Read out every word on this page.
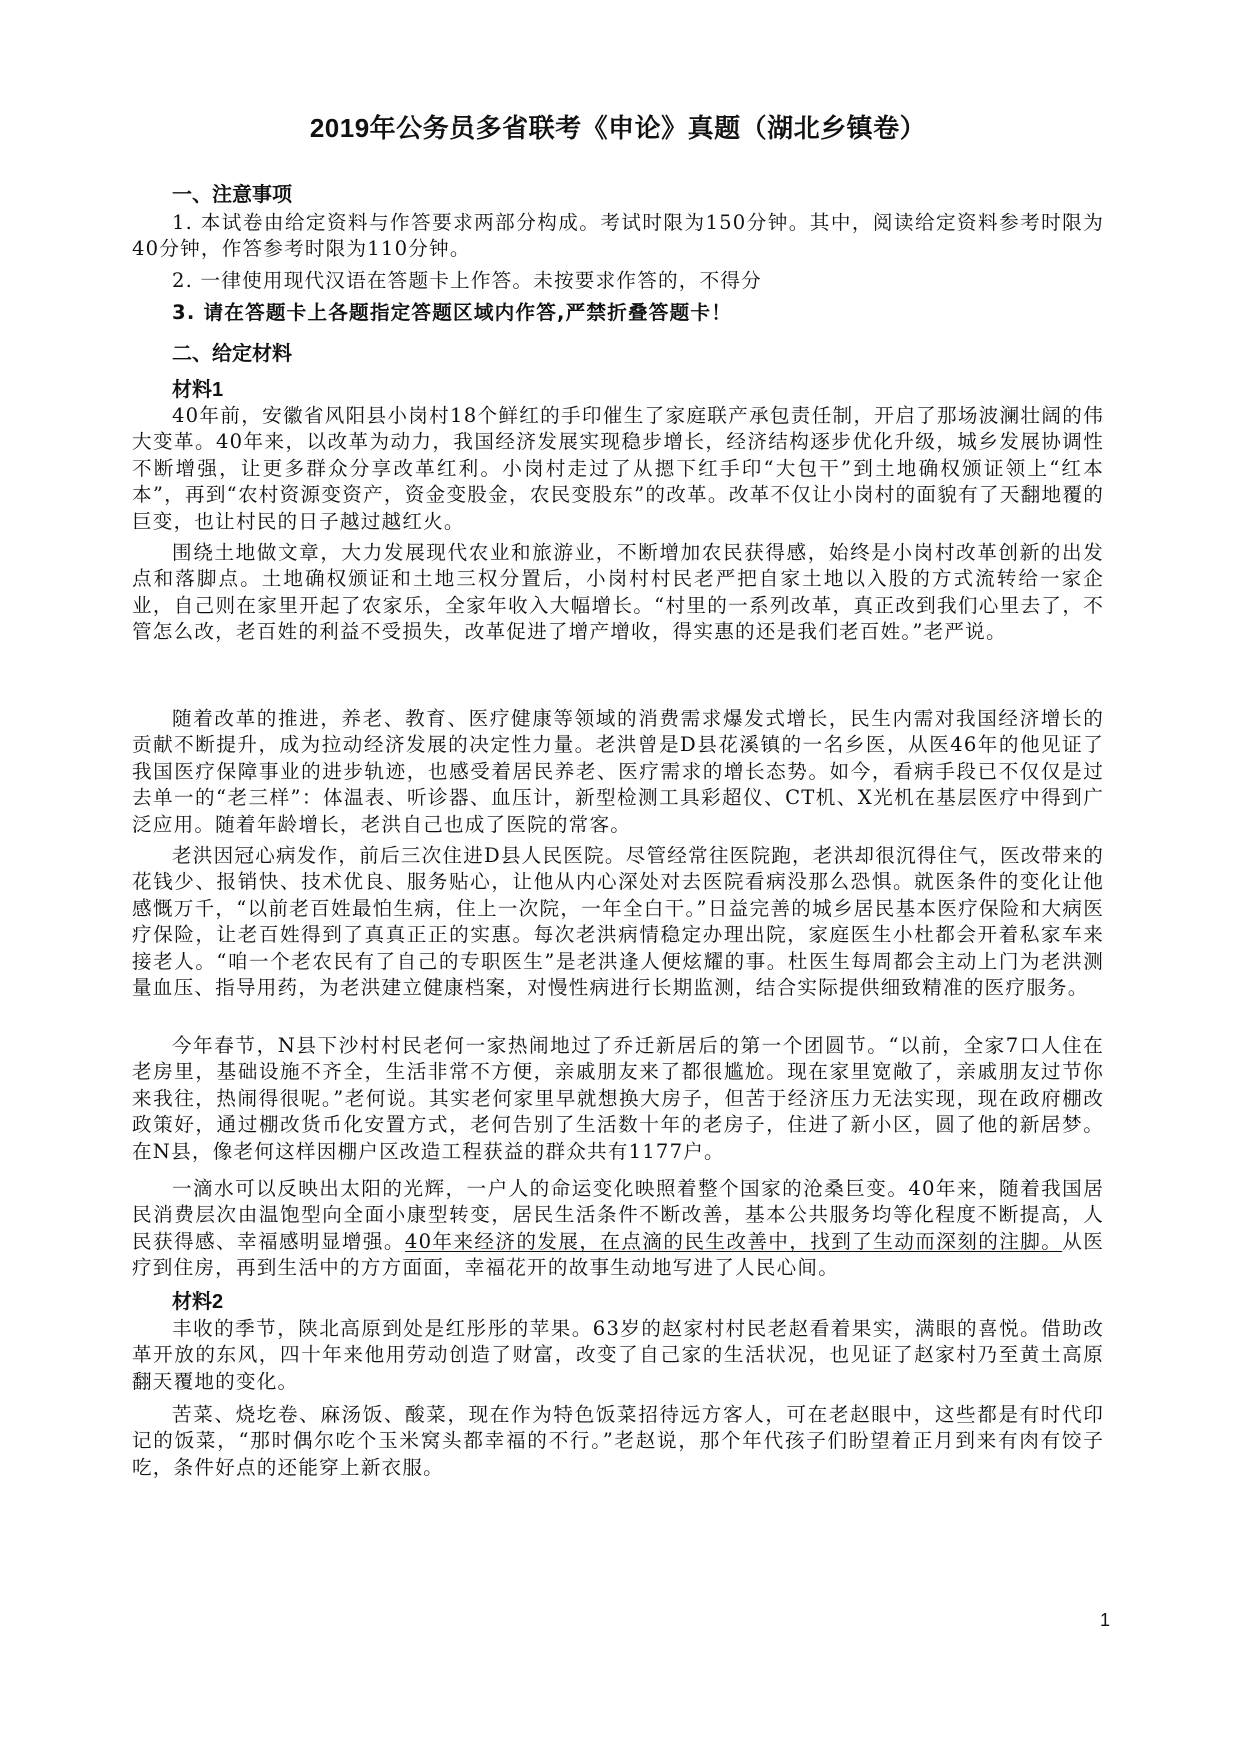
2019年公务员多省联考《申论》真题（湖北乡镇卷）
一、注意事项

1. 本试卷由给定资料与作答要求两部分构成。考试时限为150分钟。其中，阅读给定资料参考时限为40分钟，作答参考时限为110分钟。

2. 一律使用现代汉语在答题卡上作答。未按要求作答的，不得分

3. 请在答题卡上各题指定答题区域内作答,严禁折叠答题卡！

二、给定材料
材料1

40年前，安徽省风阳县小岗村18个鲜红的手印催生了家庭联产承包责任制，开启了那场波澜壮阔的伟大变革。40年来，以改革为动力，我国经济发展实现稳步增长，经济结构逐步优化升级，城乡发展协调性不断增强，让更多群众分享改革红利。小岗村走过了从摁下红手印“大包干”到土地确权颁证领上“红本本”，再到“农村资源变资产，资金变股金，农民变股东”的改革。改革不仅让小岗村的面貌有了天翻地覆的巨变，也让村民的日子越过越红火。

围绕土地做文章，大力发展现代农业和旅游业，不断增加农民获得感，始终是小岗村改革创新的出发点和落脚点。土地确权颁证和土地三权分置后，小岗村村民老严把自家土地以入股的方式流转给一家企业，自己则在家里开起了农家乐，全家年收入大幅增长。“村里的一系列改革，真正改到我们心里去了，不管怎么改，老百姓的利益不受损失，改革促进了增产增收，得实惠的还是我们老百姓。”老严说。

随着改革的推进，养老、教育、医疗健康等领域的消费需求爆发式增长，民生内需对我国经济增长的贡献不断提升，成为拉动经济发展的决定性力量。老洪曾是D县花溪镇的一名乡医，从医46年的他见证了我国医疗保障事业的进步轨迹，也感受着居民养老、医疗需求的增长态势。如今，看病手段已不仅仅是过去单一的“老三样”：体温表、听诊器、血压计，新型检测工具彩超仪、CT机、X光机在基层医疗中得到广泛应用。随着年龄增长，老洪自己也成了医院的常客。

老洪因冠心病发作，前后三次住进D县人民医院。尽管经常往医院跑，老洪却很沉得住气，医改带来的花钱少、报销快、技术优良、服务贴心，让他从内心深处对去医院看病没那么恐惧。就医条件的变化让他感慨万千，“以前老百姓最怕生病，住上一次院，一年全白干。”日益完善的城乡居民基本医疗保险和大病医疗保险，让老百姓得到了真真正正的实惠。每次老洪病情稳定办理出院，家庭医生小杜都会开着私家车来接老人。“咱一个老农民有了自己的专职医生”是老洪逢人便炫耀的事。杜医生每周都会主动上门为老洪测量血压、指导用药，为老洪建立健康档案，对慢性病进行长期监测，结合实际提供细致精准的医疗服务。

今年春节，N县下沙村村民老何一家热闹地过了乔迁新居后的第一个团圆节。“以前，全家7口人住在老房里，基础设施不齐全，生活非常不方便，亲戚朋友来了都很尴尬。现在家里宽敞了，亲戚朋友过节你来我往，热闹得很呢。”老何说。其实老何家里早就想换大房子，但苦于经济压力无法实现，现在政府棚改政策好，通过棚改货币化安置方式，老何告别了生活数十年的老房子，住进了新小区，圆了他的新居梦。在N县，像老何这样因棚户区改造工程获益的群众共有1177户。

一滴水可以反映出太阳的光辉，一户人的命运变化映照着整个国家的沧桑巨变。40年来，随着我国居民消费层次由温饱型向全面小康型转变，居民生活条件不断改善，基本公共服务均等化程度不断提高，人民获得感、幸福感明显增强。40年来经济的发展，在点滴的民生改善中，找到了生动而深刻的注脚。从医疗到住房，再到生活中的方方面面，幸福花开的故事生动地写进了人民心间。

材料2

丰收的季节，陕北高原到处是红彤彤的苹果。63岁的赵家村村民老赵看着果实，满眼的喜悦。借助改革开放的东风，四十年来他用劳动创造了财富，改变了自己家的生活状况，也见证了赵家村乃至黄土高原翻天覆地的变化。

苦菜、烧圪卷、麻汤饭、酸菜，现在作为特色饭菜招待远方客人，可在老赵眼中，这些都是有时代印记的饭菜，“那时偶尔吃个玉米窝头都幸福的不行。”老赵说，那个年代孩子们盼望着正月到来有肉有饺子吃，条件好点的还能穿上新衣服。

1
